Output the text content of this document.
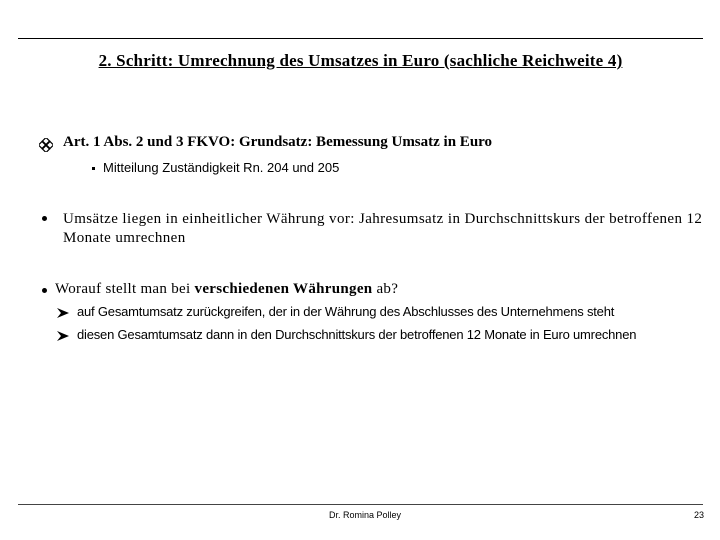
2. Schritt: Umrechnung des Umsatzes in Euro (sachliche Reichweite 4)
Art. 1 Abs. 2 und 3 FKVO: Grundsatz: Bemessung Umsatz in Euro
Mitteilung Zuständigkeit Rn. 204 und 205
Umsätze liegen in einheitlicher Währung vor: Jahresumsatz in Durchschnittskurs der betroffenen 12 Monate umrechnen
Worauf stellt man bei verschiedenen Währungen ab?
auf Gesamtumsatz zurückgreifen, der in der Währung des Abschlusses des Unternehmens steht
diesen Gesamtumsatz dann in den Durchschnittskurs der betroffenen 12 Monate in Euro umrechnen
Dr. Romina Polley	23
